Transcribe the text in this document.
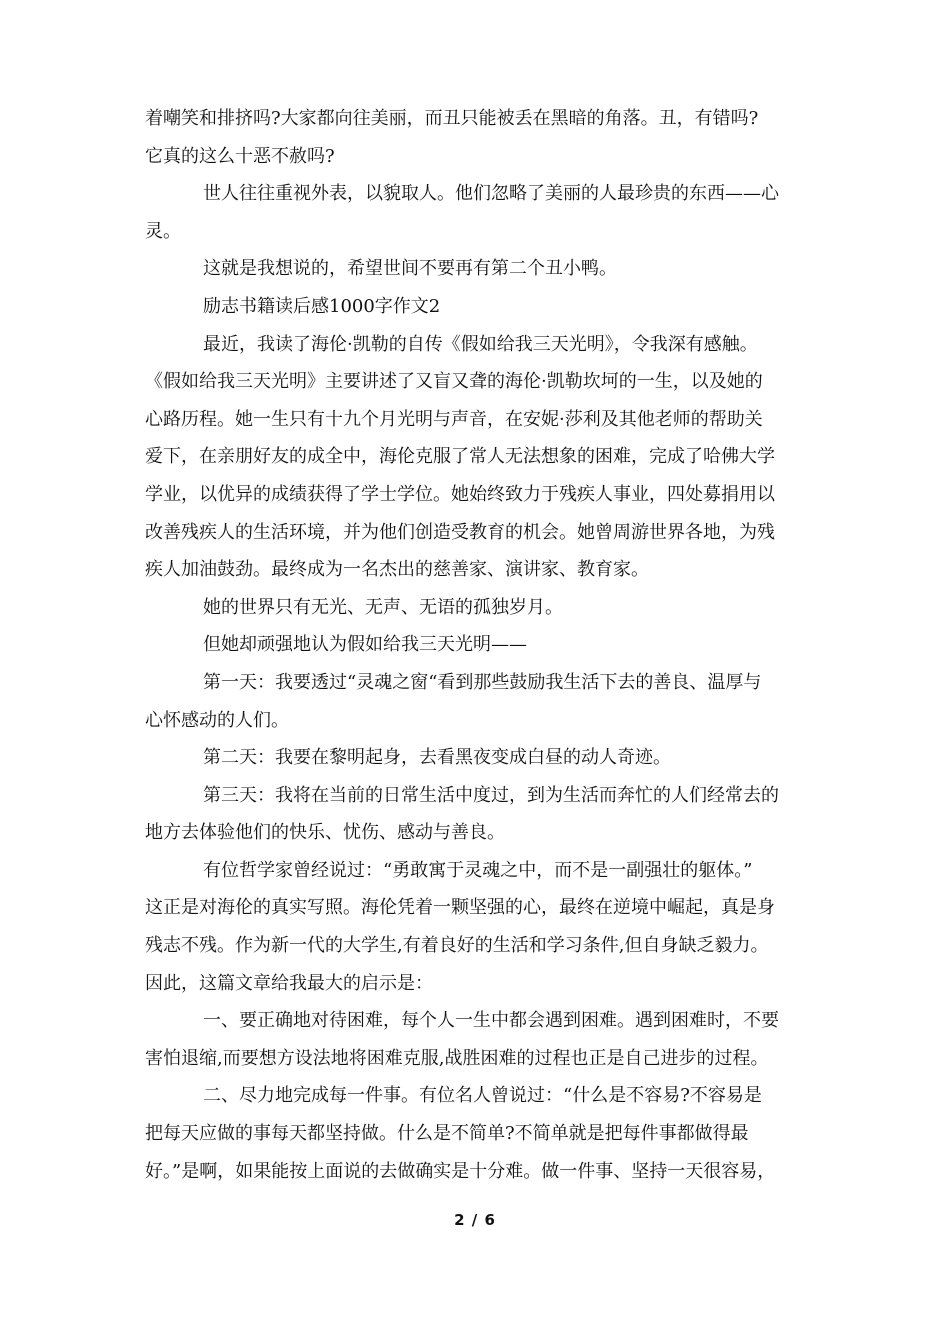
着嘲笑和排挤吗?大家都向往美丽，而丑只能被丢在黑暗的角落。丑，有错吗?
它真的这么十恶不赦吗?
世人往往重视外表，以貌取人。他们忽略了美丽的人最珍贵的东西——心
灵。
这就是我想说的，希望世间不要再有第二个丑小鸭。
励志书籍读后感1000字作文2
最近，我读了海伦·凯勒的自传《假如给我三天光明》，令我深有感触。
《假如给我三天光明》主要讲述了又盲又聋的海伦·凯勒坎坷的一生，以及她的
心路历程。她一生只有十九个月光明与声音，在安妮·莎利及其他老师的帮助关
爱下，在亲朋好友的成全中，海伦克服了常人无法想象的困难，完成了哈佛大学
学业，以优异的成绩获得了学士学位。她始终致力于残疾人事业，四处募捐用以
改善残疾人的生活环境，并为他们创造受教育的机会。她曾周游世界各地，为残
疾人加油鼓劲。最终成为一名杰出的慈善家、演讲家、教育家。
她的世界只有无光、无声、无语的孤独岁月。
但她却顽强地认为假如给我三天光明——
第一天：我要透过“灵魂之窗“看到那些鼓励我生活下去的善良、温厚与
心怀感动的人们。
第二天：我要在黎明起身，去看黑夜变成白昼的动人奇迹。
第三天：我将在当前的日常生活中度过，到为生活而奔忙的人们经常去的
地方去体验他们的快乐、忧伤、感动与善良。
有位哲学家曾经说过：“勇敢寓于灵魂之中，而不是一副强壮的躯体。”
这正是对海伦的真实写照。海伦凭着一颗坚强的心，最终在逆境中崛起，真是身
残志不残。作为新一代的大学生,有着良好的生活和学习条件,但自身缺乏毅力。
因此，这篇文章给我最大的启示是：
一、要正确地对待困难，每个人一生中都会遇到困难。遇到困难时，不要
害怕退缩,而要想方设法地将困难克服,战胜困难的过程也正是自己进步的过程。
二、尽力地完成每一件事。有位名人曾说过：“什么是不容易?不容易是
把每天应做的事每天都坚持做。什么是不简单?不简单就是把每件事都做得最
好。”是啊，如果能按上面说的去做确实是十分难。做一件事、坚持一天很容易，
2 / 6
